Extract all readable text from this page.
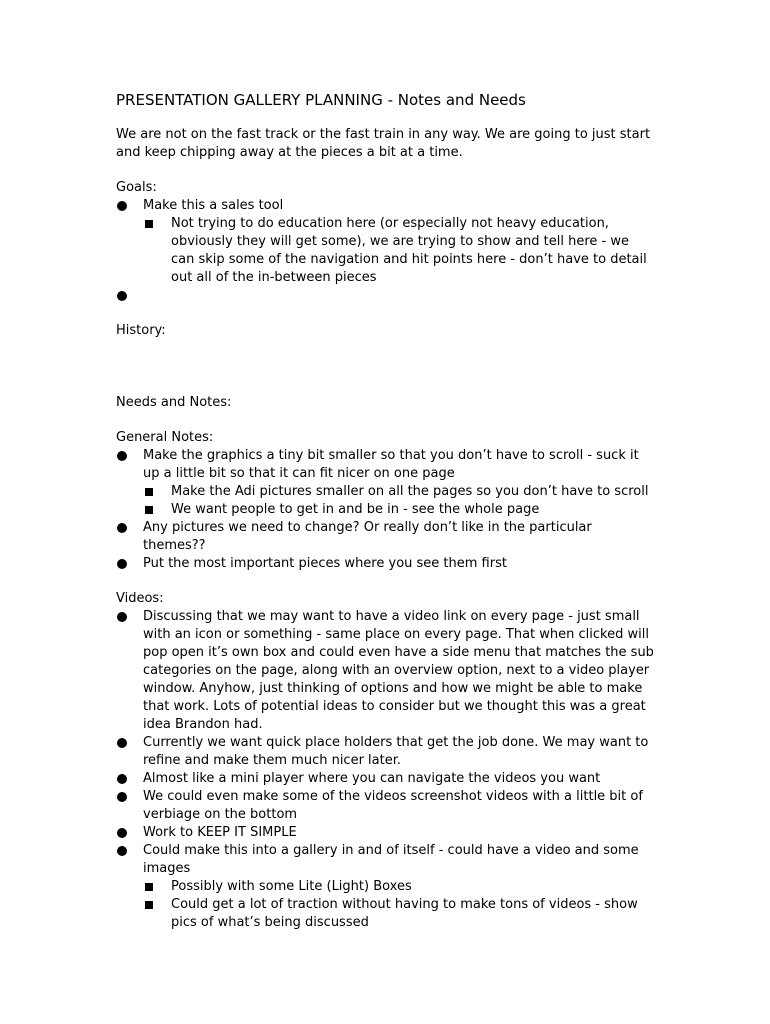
PRESENTATION GALLERY PLANNING - Notes and Needs

We are not on the fast track or the fast train in any way. We are going to just start and keep chipping away at the pieces a bit at a time.

Goals:

Make this a sales tool
Not trying to do education here (or especially not heavy education, obviously they will get some), we are trying to show and tell here - we can skip some of the navigation and hit points here - don’t have to detail out all of the in-between pieces

History:

Needs and Notes:

General Notes:

Make the graphics a tiny bit smaller so that you don’t have to scroll - suck it up a little bit so that it can fit nicer on one page
Make the Adi pictures smaller on all the pages so you don’t have to scroll
We want people to get in and be in - see the whole page
Any pictures we need to change? Or really don’t like in the particular themes??
Put the most important pieces where you see them first

Videos:

Discussing that we may want to have a video link on every page - just small with an icon or something - same place on every page. That when clicked will pop open it’s own box and could even have a side menu that matches the sub categories on the page, along with an overview option, next to a video player window. Anyhow, just thinking of options and how we might be able to make that work. Lots of potential ideas to consider but we thought this was a great idea Brandon had.
Currently we want quick place holders that get the job done. We may want to refine and make them much nicer later.
Almost like a mini player where you can navigate the videos you want
We could even make some of the videos screenshot videos with a little bit of verbiage on the bottom
Work to KEEP IT SIMPLE
Could make this into a gallery in and of itself - could have a video and some images
Possibly with some Lite (Light) Boxes
Could get a lot of traction without having to make tons of videos - show pics of what’s being discussed
